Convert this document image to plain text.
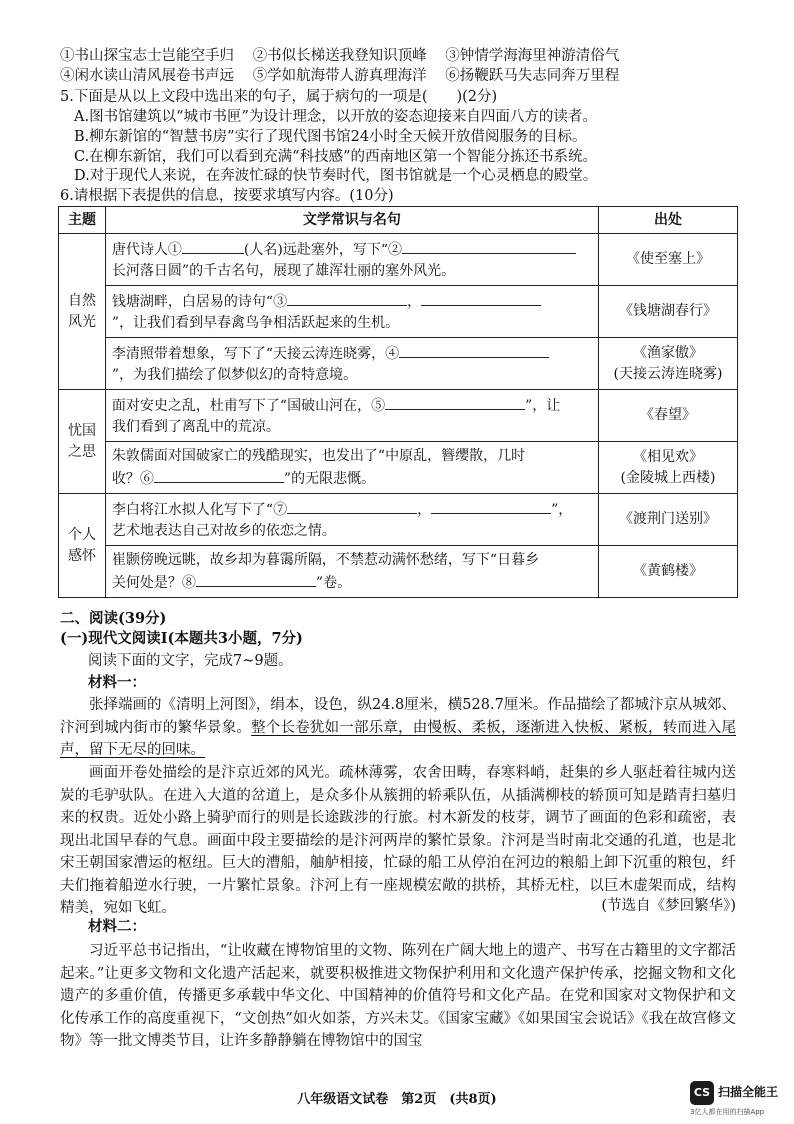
①书山探宝志士岂能空手归 ②书似长梯送我登知识顶峰 ③钟情学海海里神游清俗气
④闲水读山清风展卷书声远 ⑤学如航海带人游真理海洋 ⑥扬鞭跃马失志同奔万里程
5.下面是从以上文段中选出来的句子，属于病句的一项是(　　)(2分)
A.图书馆建筑以“城市书匣”为设计理念，以开放的姿态迎接来自四面八方的读者。
B.柳东新馆的“智慧书房”实行了现代图书馆24小时全天候开放借阅服务的目标。
C.在柳东新馆，我们可以看到充满“科技感”的西南地区第一个智能分拣还书系统。
D.对于现代人来说，在奔波忙碌的快节奏时代，图书馆就是一个心灵栖息的殿堂。
6.请根据下表提供的信息，按要求填写内容。(10分)
主题	文学常识与名句	出处
自然风光	唐代诗人① (人名)远赴塞外，写下“②
长河落日圆”的千古名句，展现了雄浑壮丽的塞外风光。	《使至塞上》
	钱塘湖畔，白居易的诗句“③ ，
”，让我们看到早春禽鸟争相活跃起来的生机。	《钱塘湖春行》
	李清照带着想象，写下了“天接云涛连晓雾，④
”，为我们描绘了似梦似幻的奇特意境。	《渔家傲》
(天接云涛连晓雾)
忧国之思	面对安史之乱，杜甫写下了“国破山河在，⑤ ”，让
我们看到了离乱中的荒凉。	《春望》
	朱敦儒面对国破家亡的残酷现实，也发出了“中原乱，簪缨散，几时
收？⑥ ”的无限悲慨。	《相见欢》
(金陵城上西楼)
个人感怀	李白将江水拟人化写下了“⑦ ， ”，
艺术地表达自己对故乡的依恋之情。	《渡荆门送别》
	崔颢傍晚远眺，故乡却为暮霭所隔，不禁惹动满怀愁绪，写下“日暮乡
关何处是？⑧ ”卷。	《黄鹤楼》
二、阅读(39分)
(一)现代文阅读Ⅰ(本题共3小题，7分)
阅读下面的文字，完成7~9题。
材料一：
张择端画的《清明上河图》，绢本，设色，纵24.8厘米，横528.7厘米。作品描绘了都城汴京从城郊、汴河到城内街市的繁华景象。整个长卷犹如一部乐章，由慢板、柔板，逐渐进入快板、紧板，转而进入尾声，留下无尽的回味。
画面开卷处描绘的是汴京近郊的风光。疏林薄雾，农舍田畴，春寒料峭，赶集的乡人驱赶着往城内送炭的毛驴驮队。在进入大道的岔道上，是众多仆从簇拥的轿乘队伍，从插满柳枝的轿顶可知是踏青扫墓归来的权贵。近处小路上骑驴而行的则是长途跋涉的行旅。村木新发的枝芽，调节了画面的色彩和疏密，表现出北国早春的气息。画面中段主要描绘的是汴河两岸的繁忙景象。汴河是当时南北交通的孔道，也是北宋王朝国家漕运的枢纽。巨大的漕船，舳舻相接，忙碌的船工从停泊在河边的粮船上卸下沉重的粮包，纤夫们拖着船逆水行驶，一片繁忙景象。汴河上有一座规模宏敞的拱桥，其桥无柱，以巨木虚架而成，结构精美，宛如飞虹。	(节选自《梦回繁华》)
材料二：
习近平总书记指出，“让收藏在博物馆里的文物、陈列在广阔大地上的遗产、书写在古籍里的文字都活起来。”让更多文物和文化遗产活起来，就要积极推进文物保护利用和文化遗产保护传承，挖掘文物和文化遗产的多重价值，传播更多承载中华文化、中国精神的价值符号和文化产品。在党和国家对文物保护和文化传承工作的高度重视下，“文创热”如火如荼，方兴未艾。《国家宝藏》《如果国宝会说话》《我在故宫修文物》等一批文博类节目，让许多静静躺在博物馆中的国宝
八年级语文试卷　第2页　(共8页)	CS 扫描全能王
3亿人都在用的扫描App
